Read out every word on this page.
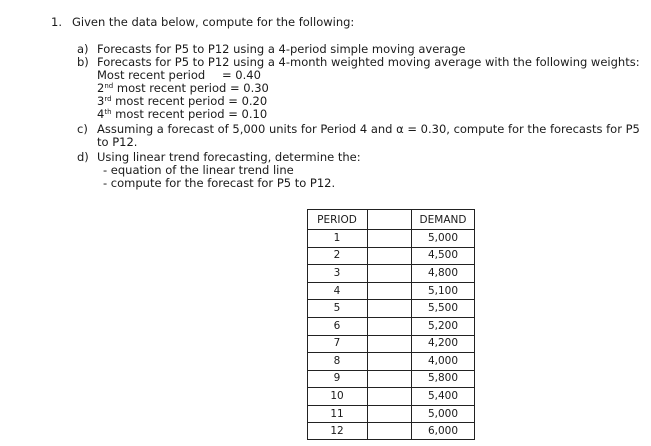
1. Given the data below, compute for the following:
a) Forecasts for P5 to P12 using a 4-period simple moving average
b) Forecasts for P5 to P12 using a 4-month weighted moving average with the following weights:
Most recent period = 0.40
2nd most recent period = 0.30
3rd most recent period = 0.20
4th most recent period = 0.10
c) Assuming a forecast of 5,000 units for Period 4 and α = 0.30, compute for the forecasts for P5
to P12.
d) Using linear trend forecasting, determine the:
- equation of the linear trend line
- compute for the forecast for P5 to P12.
PERIOD	DEMAND
1	5,000
2	4,500
3	4,800
4	5,100
5	5,500
6	5,200
7	4,200
8	4,000
9	5,800
10	5,400
11	5,000
12	6,000
